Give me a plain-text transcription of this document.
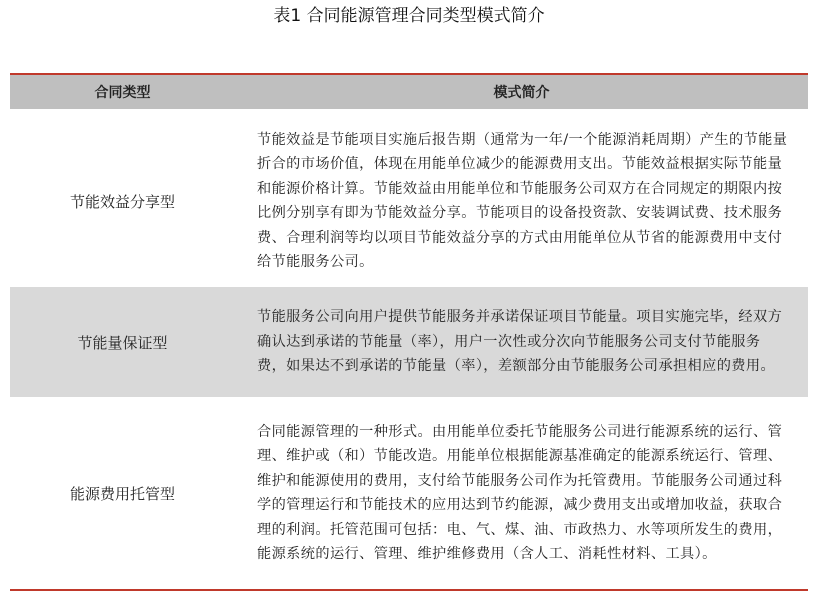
表1 合同能源管理合同类型模式简介
合同类型	模式简介
节能效益分享型
节能效益是节能项目实施后报告期（通常为一年/一个能源消耗周期）产生的节能量折合的市场价值，体现在用能单位减少的能源费用支出。节能效益根据实际节能量和能源价格计算。节能效益由用能单位和节能服务公司双方在合同规定的期限内按比例分别享有即为节能效益分享。节能项目的设备投资款、安装调试费、技术服务费、合理利润等均以项目节能效益分享的方式由用能单位从节省的能源费用中支付给节能服务公司。
节能量保证型
节能服务公司向用户提供节能服务并承诺保证项目节能量。项目实施完毕，经双方确认达到承诺的节能量（率），用户一次性或分次向节能服务公司支付节能服务费，如果达不到承诺的节能量（率），差额部分由节能服务公司承担相应的费用。
能源费用托管型
合同能源管理的一种形式。由用能单位委托节能服务公司进行能源系统的运行、管理、维护或（和）节能改造。用能单位根据能源基准确定的能源系统运行、管理、维护和能源使用的费用，支付给节能服务公司作为托管费用。节能服务公司通过科学的管理运行和节能技术的应用达到节约能源，减少费用支出或增加收益，获取合理的利润。托管范围可包括：电、气、煤、油、市政热力、水等项所发生的费用，能源系统的运行、管理、维护维修费用（含人工、消耗性材料、工具）。
